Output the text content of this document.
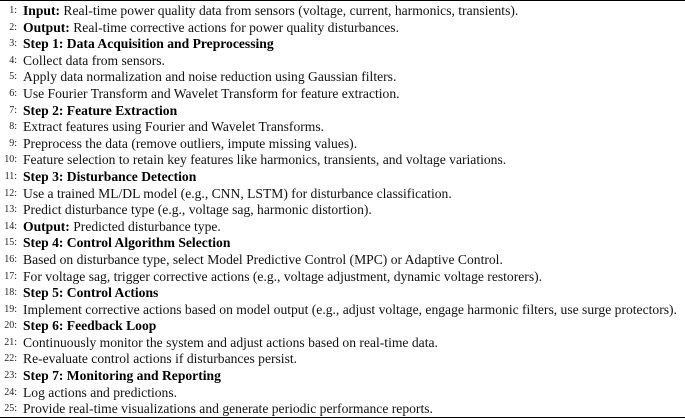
1: Input: Real-time power quality data from sensors (voltage, current, harmonics, transients).
2: Output: Real-time corrective actions for power quality disturbances.
3: Step 1: Data Acquisition and Preprocessing
4: Collect data from sensors.
5: Apply data normalization and noise reduction using Gaussian filters.
6: Use Fourier Transform and Wavelet Transform for feature extraction.
7: Step 2: Feature Extraction
8: Extract features using Fourier and Wavelet Transforms.
9: Preprocess the data (remove outliers, impute missing values).
10: Feature selection to retain key features like harmonics, transients, and voltage variations.
11: Step 3: Disturbance Detection
12: Use a trained ML/DL model (e.g., CNN, LSTM) for disturbance classification.
13: Predict disturbance type (e.g., voltage sag, harmonic distortion).
14: Output: Predicted disturbance type.
15: Step 4: Control Algorithm Selection
16: Based on disturbance type, select Model Predictive Control (MPC) or Adaptive Control.
17: For voltage sag, trigger corrective actions (e.g., voltage adjustment, dynamic voltage restorers).
18: Step 5: Control Actions
19: Implement corrective actions based on model output (e.g., adjust voltage, engage harmonic filters, use surge protectors).
20: Step 6: Feedback Loop
21: Continuously monitor the system and adjust actions based on real-time data.
22: Re-evaluate control actions if disturbances persist.
23: Step 7: Monitoring and Reporting
24: Log actions and predictions.
25: Provide real-time visualizations and generate periodic performance reports.
